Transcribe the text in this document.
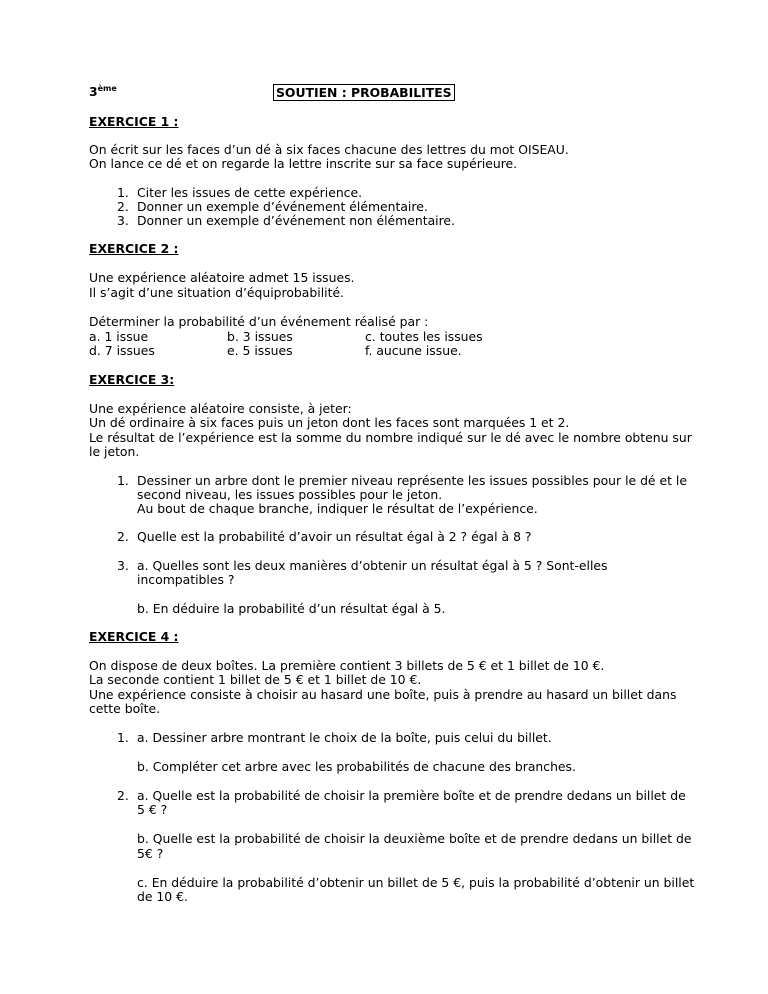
3ème	SOUTIEN : PROBABILITES
EXERCICE 1 :
On écrit sur les faces d’un dé à six faces chacune des lettres du mot OISEAU.
On lance ce dé et on regarde la lettre inscrite sur sa face supérieure.
1. Citer les issues de cette expérience.
2. Donner un exemple d’événement élémentaire.
3. Donner un exemple d’événement non élémentaire.
EXERCICE 2 :
Une expérience aléatoire admet 15 issues.
Il s’agit d’une situation d’équiprobabilité.
Déterminer la probabilité d’un événement réalisé par :
a. 1 issue	b. 3 issues	c. toutes les issues
d. 7 issues	e. 5 issues	f. aucune issue.
EXERCICE 3:
Une expérience aléatoire consiste, à jeter:
Un dé ordinaire à six faces puis un jeton dont les faces sont marquées 1 et 2.
Le résultat de l’expérience est la somme du nombre indiqué sur le dé avec le nombre obtenu sur
le jeton.
1. Dessiner un arbre dont le premier niveau représente les issues possibles pour le dé et le
second niveau, les issues possibles pour le jeton.
Au bout de chaque branche, indiquer le résultat de l’expérience.
2. Quelle est la probabilité d’avoir un résultat égal à 2 ? égal à 8 ?
3. a. Quelles sont les deux manières d’obtenir un résultat égal à 5 ? Sont-elles
incompatibles ?
b. En déduire la probabilité d’un résultat égal à 5.
EXERCICE 4 :
On dispose de deux boîtes. La première contient 3 billets de 5 € et 1 billet de 10 €.
La seconde contient 1 billet de 5 € et 1 billet de 10 €.
Une expérience consiste à choisir au hasard une boîte, puis à prendre au hasard un billet dans
cette boîte.
1. a. Dessiner arbre montrant le choix de la boîte, puis celui du billet.
b. Compléter cet arbre avec les probabilités de chacune des branches.
2. a. Quelle est la probabilité de choisir la première boîte et de prendre dedans un billet de
5 € ?
b. Quelle est la probabilité de choisir la deuxième boîte et de prendre dedans un billet de
5€ ?
c. En déduire la probabilité d’obtenir un billet de 5 €, puis la probabilité d’obtenir un billet
de 10 €.
